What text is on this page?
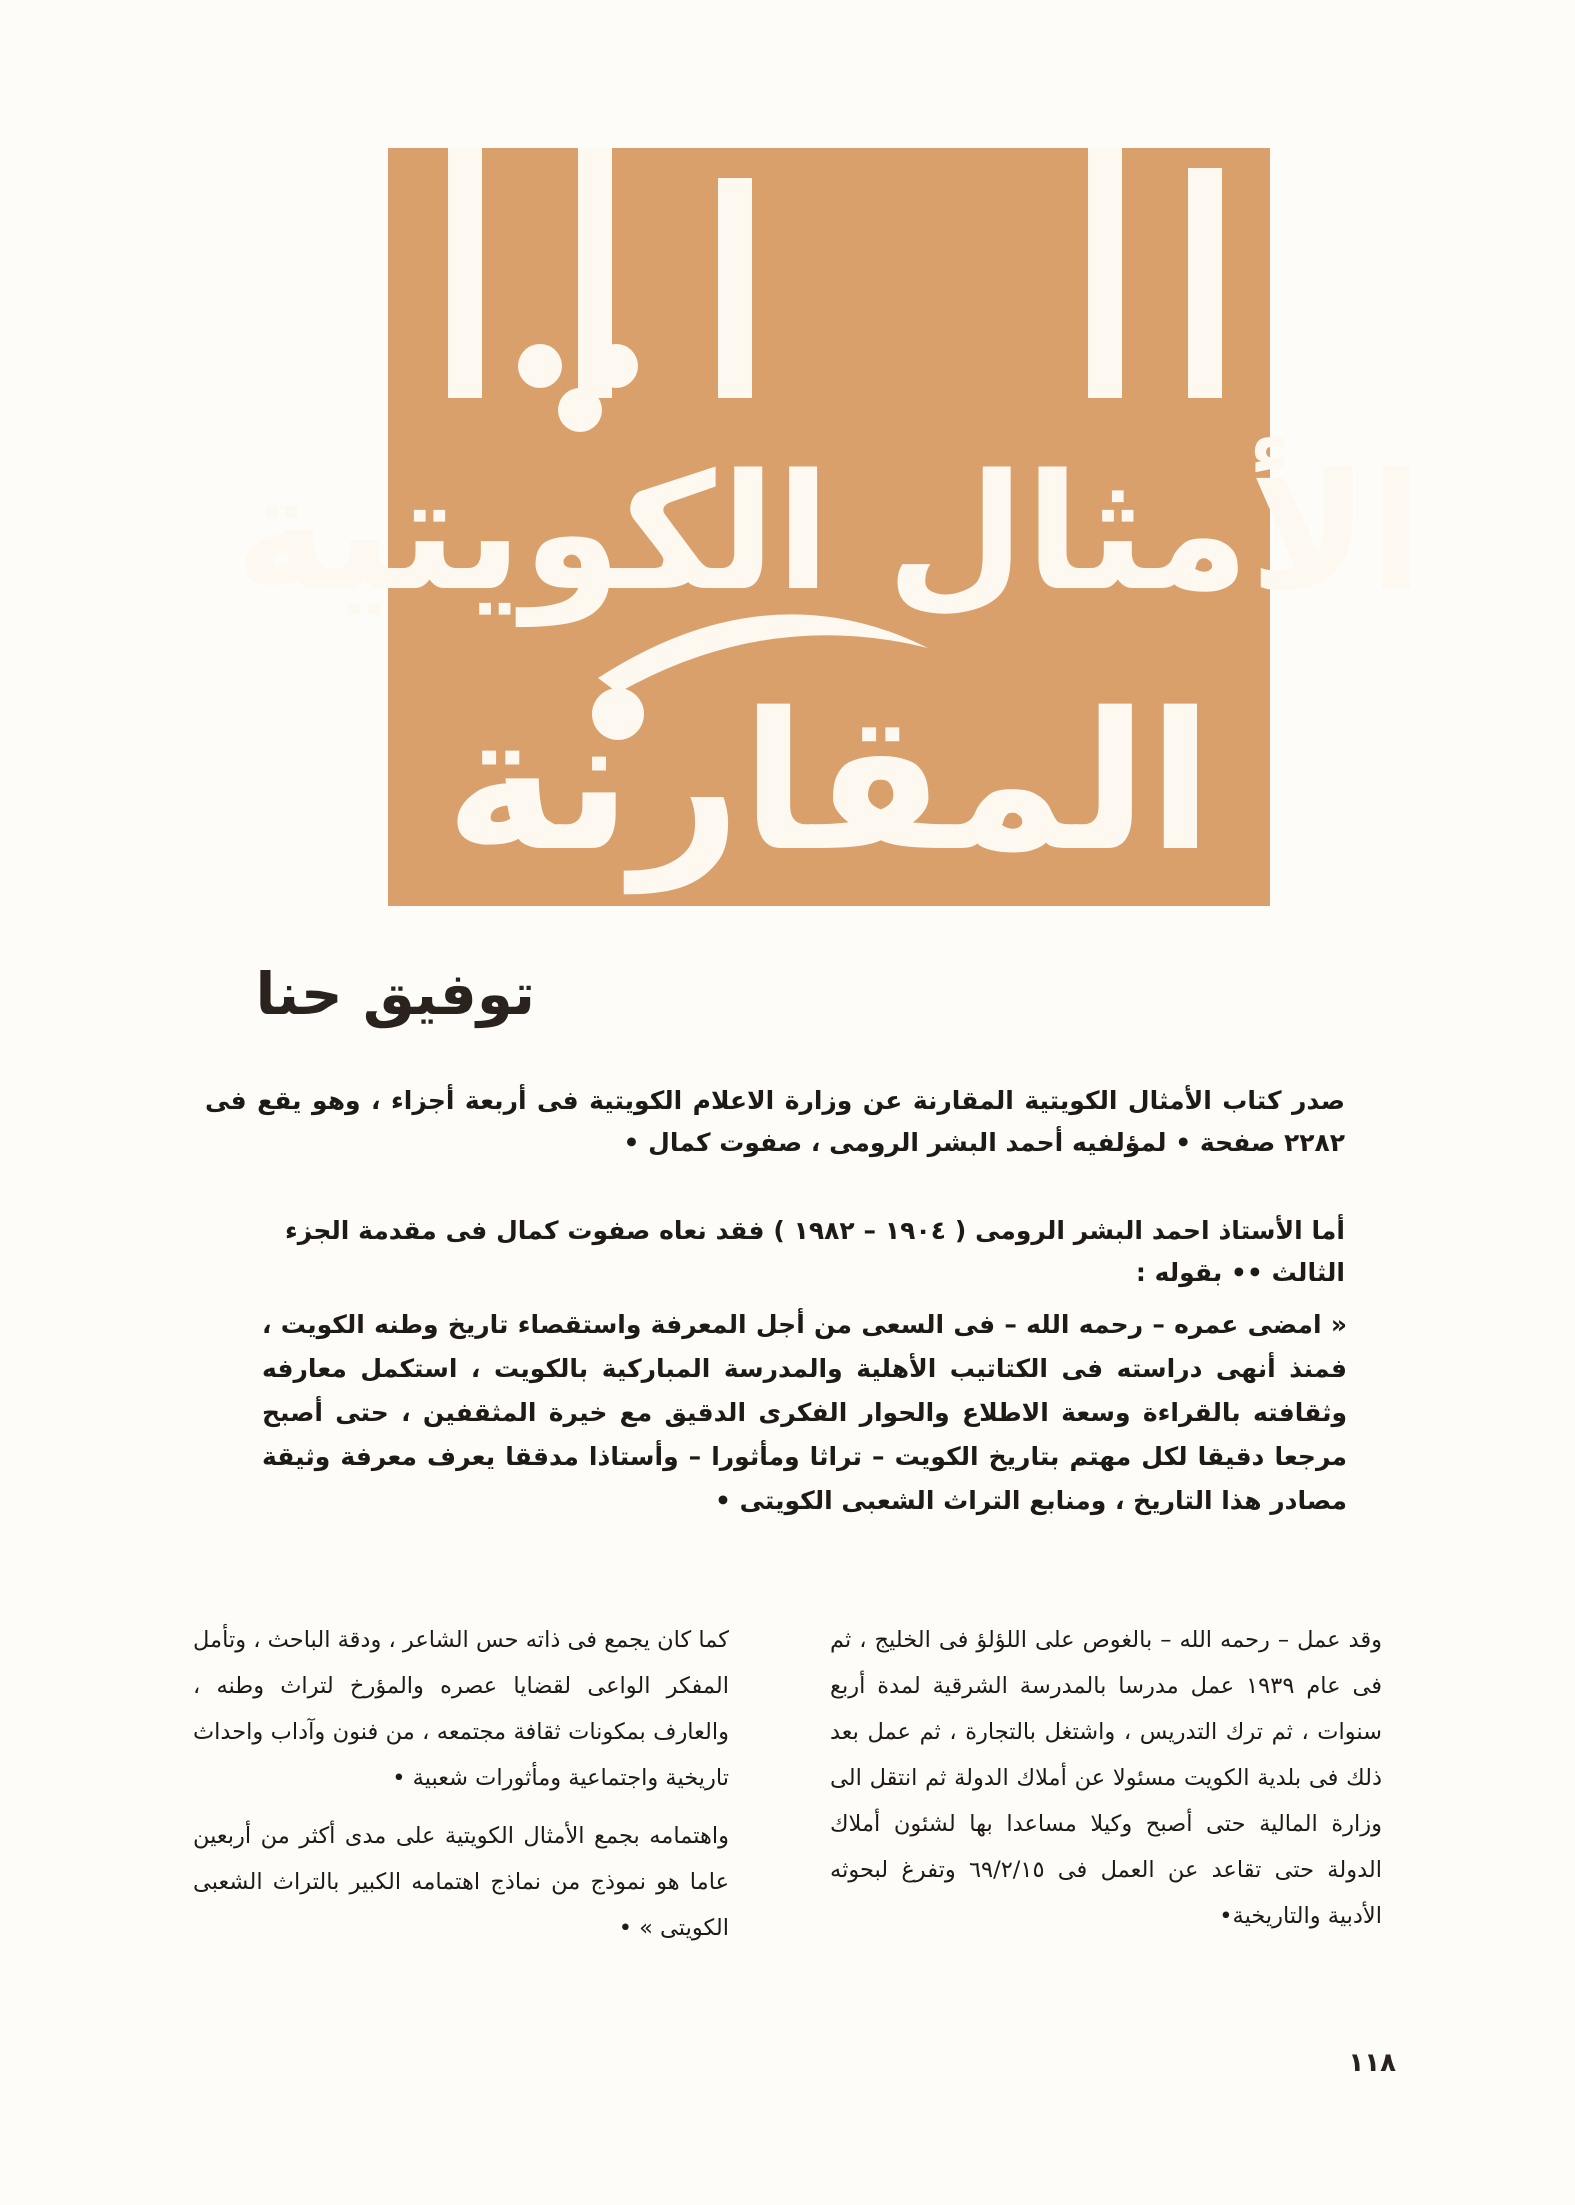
الأمثال الكويتية
المقارنة
توفيق حنا

صدر كتاب الأمثال الكويتية المقارنة عن وزارة الاعلام الكويتية فى أربعة أجزاء ، وهو يقع فى ٢٢٨٢ صفحة • لمؤلفيه أحمد البشر الرومى ، صفوت كمال •

أما الأستاذ احمد البشر الرومى ( ١٩٠٤ – ١٩٨٢ ) فقد نعاه صفوت كمال فى مقدمة الجزء الثالث •• بقوله :

« امضى عمره – رحمه الله – فى السعى من أجل المعرفة واستقصاء تاريخ وطنه الكويت ، فمنذ أنهى دراسته فى الكتاتيب الأهلية والمدرسة المباركية بالكويت ، استكمل معارفه وثقافته بالقراءة وسعة الاطلاع والحوار الفكرى الدقيق مع خيرة المثقفين ، حتى أصبح مرجعا دقيقا لكل مهتم بتاريخ الكويت – تراثا ومأثورا – وأستاذا مدققا يعرف معرفة وثيقة مصادر هذا التاريخ ، ومنابع التراث الشعبى الكويتى •

وقد عمل – رحمه الله – بالغوص على اللؤلؤ فى الخليج ، ثم فى عام ١٩٣٩ عمل مدرسا بالمدرسة الشرقية لمدة أربع سنوات ، ثم ترك التدريس ، واشتغل بالتجارة ، ثم عمل بعد ذلك فى بلدية الكويت مسئولا عن أملاك الدولة ثم انتقل الى وزارة المالية حتى أصبح وكيلا مساعدا بها لشئون أملاك الدولة حتى تقاعد عن العمل فى ٦٩/٢/١٥ وتفرغ لبحوثه الأدبية والتاريخية•

كما كان يجمع فى ذاته حس الشاعر ، ودقة الباحث ، وتأمل المفكر الواعى لقضايا عصره والمؤرخ لتراث وطنه ، والعارف بمكونات ثقافة مجتمعه ، من فنون وآداب واحداث تاريخية واجتماعية ومأثورات شعبية •

واهتمامه بجمع الأمثال الكويتية على مدى أكثر من أربعين عاما هو نموذج من نماذج اهتمامه الكبير بالتراث الشعبى الكويتى » •

١١٨
